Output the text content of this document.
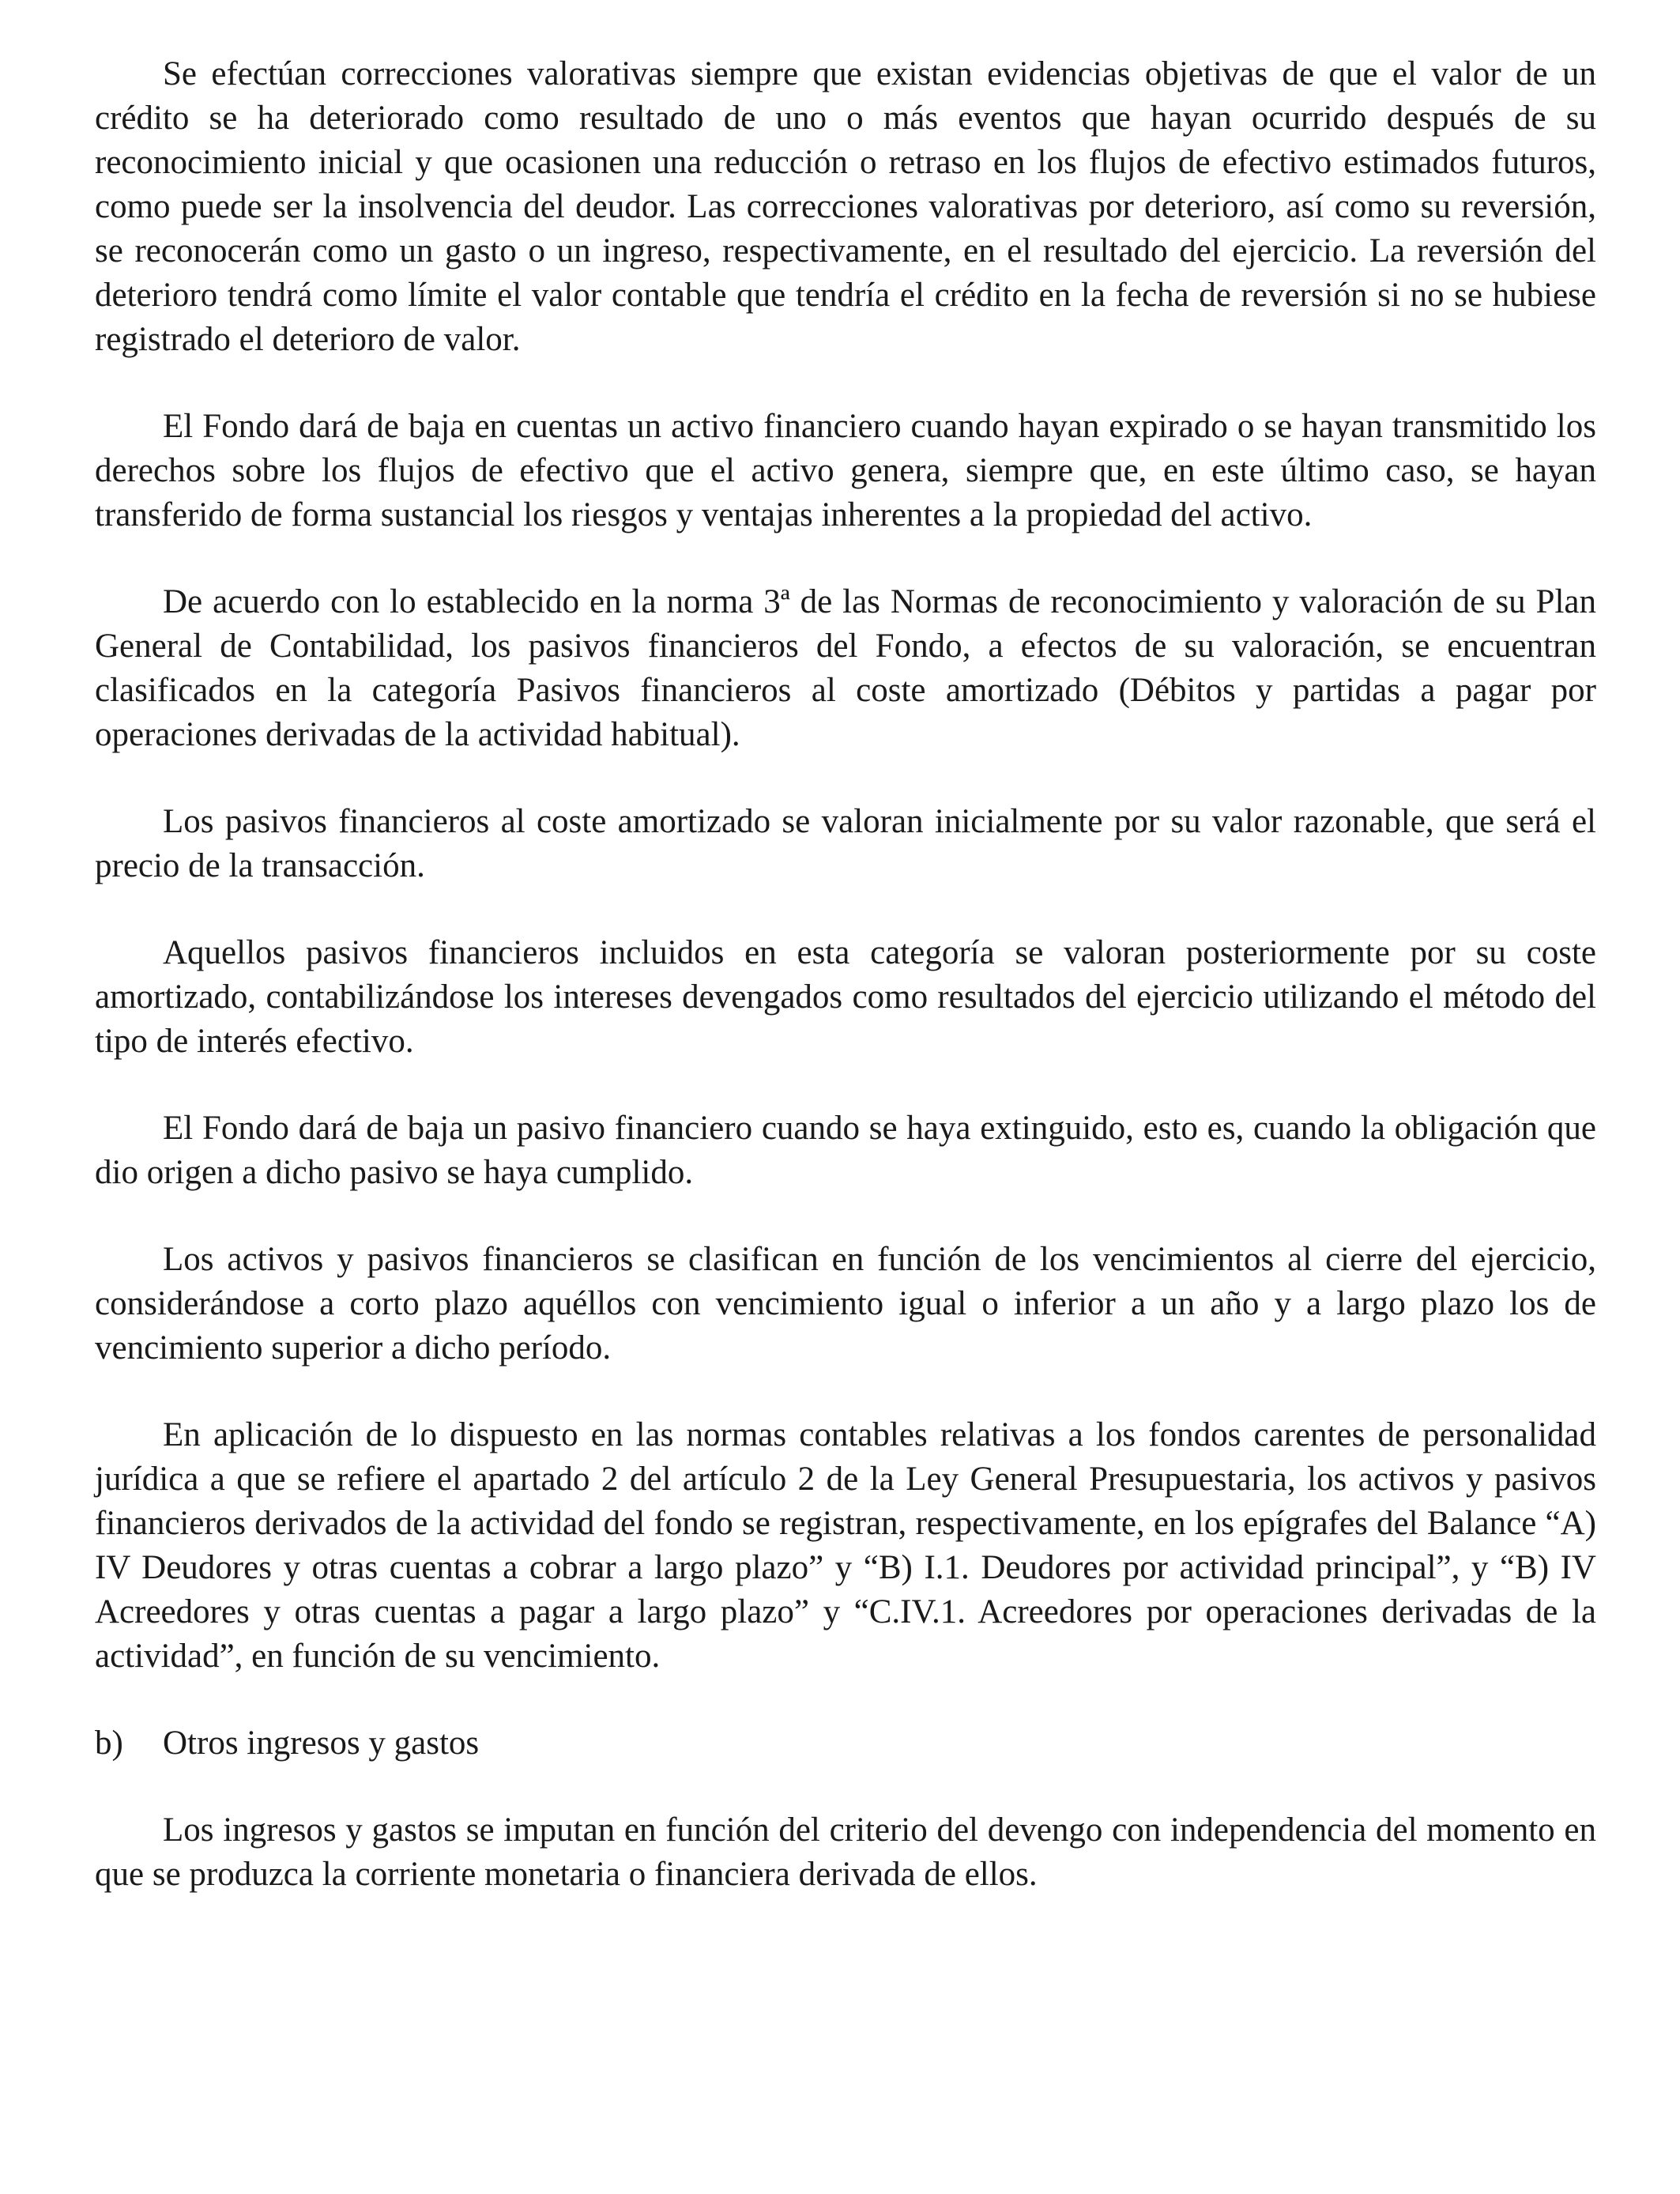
Se efectúan correcciones valorativas siempre que existan evidencias objetivas de que el valor de un crédito se ha deteriorado como resultado de uno o más eventos que hayan ocurrido después de su reconocimiento inicial y que ocasionen una reducción o retraso en los flujos de efectivo estimados futuros, como puede ser la insolvencia del deudor. Las correcciones valorativas por deterioro, así como su reversión, se reconocerán como un gasto o un ingreso, respectivamente, en el resultado del ejercicio. La reversión del deterioro tendrá como límite el valor contable que tendría el crédito en la fecha de reversión si no se hubiese registrado el deterioro de valor.

El Fondo dará de baja en cuentas un activo financiero cuando hayan expirado o se hayan transmitido los derechos sobre los flujos de efectivo que el activo genera, siempre que, en este último caso, se hayan transferido de forma sustancial los riesgos y ventajas inherentes a la propiedad del activo.

De acuerdo con lo establecido en la norma 3ª de las Normas de reconocimiento y valoración de su Plan General de Contabilidad, los pasivos financieros del Fondo, a efectos de su valoración, se encuentran clasificados en la categoría Pasivos financieros al coste amortizado (Débitos y partidas a pagar por operaciones derivadas de la actividad habitual).

Los pasivos financieros al coste amortizado se valoran inicialmente por su valor razonable, que será el precio de la transacción.

Aquellos pasivos financieros incluidos en esta categoría se valoran posteriormente por su coste amortizado, contabilizándose los intereses devengados como resultados del ejercicio utilizando el método del tipo de interés efectivo.

El Fondo dará de baja un pasivo financiero cuando se haya extinguido, esto es, cuando la obligación que dio origen a dicho pasivo se haya cumplido.

Los activos y pasivos financieros se clasifican en función de los vencimientos al cierre del ejercicio, considerándose a corto plazo aquéllos con vencimiento igual o inferior a un año y a largo plazo los de vencimiento superior a dicho período.

En aplicación de lo dispuesto en las normas contables relativas a los fondos carentes de personalidad jurídica a que se refiere el apartado 2 del artículo 2 de la Ley General Presupuestaria, los activos y pasivos financieros derivados de la actividad del fondo se registran, respectivamente, en los epígrafes del Balance “A) IV Deudores y otras cuentas a cobrar a largo plazo” y “B) I.1. Deudores por actividad principal”, y “B) IV Acreedores y otras cuentas a pagar a largo plazo” y “C.IV.1. Acreedores por operaciones derivadas de la actividad”, en función de su vencimiento.

b)	Otros ingresos y gastos

Los ingresos y gastos se imputan en función del criterio del devengo con independencia del momento en que se produzca la corriente monetaria o financiera derivada de ellos.
